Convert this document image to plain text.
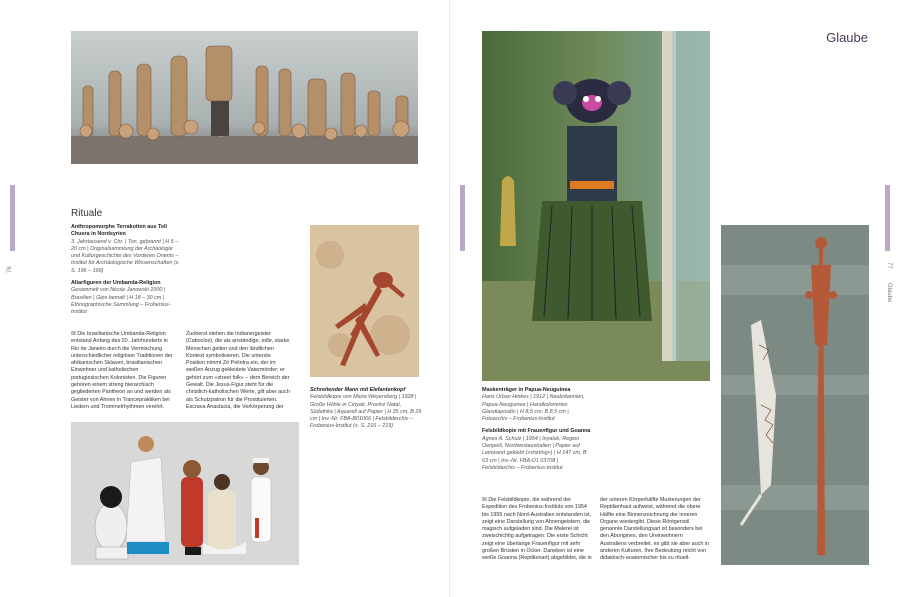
76
Rituale
Anthropomorphe Terrakotten aus Tell Chuera in Nordsyrien
3. Jahrtausend v. Chr. | Ton, gebrannt | H 5 – 20 cm | Originalsammlung der Archäologie und Kulturgeschichte des Vorderen Orients –Institut für Archäologische Wissenschaften (s. S. 196 – 199)
Altarfiguren der Umbanda-Religion
Gesammelt von Nicole Janowski 2000 | Brasilien | Gips bemalt | H 18 – 30 cm | Ethnographische Sammlung – Frobenius-Institut
☒ Die brasilianische Umbanda-Religion entstand Anfang des 20. Jahrhunderts in Rio de Janeiro durch die Vermischung unterschiedlicher religiöser Traditionen der afrikanischen Sklaven, brasilianischen Einwohner und katholischen portugiesischen Kolonisten. Die Figuren gehören einem streng hierarchisch gegliederten Pantheon an und werden als Geister von Ahnen in Trancepraktiken bei Liedern und Trommelrhythmen verehrt. Zuoberst stehen die Indianergeister (Caboclos), die als anständige, edle, starke Menschen gelten und den ländlichen Kontext symbolisieren. Die unterste Position nimmt Zé Pelintra ein, der im weißen Anzug gekleidete Vatermörder; er gehört zum »street folk« – dem Bereich der Gewalt. Die Jesus-Figur steht für die christlich-katholischen Werte, gilt aber auch als Schutzpatron für die Prostituierten. Escrava Anastacia, die Verkörperung der
Schreitender Mann mit Elefantenkopf
Felsbildkopie von Maria Weyersberg | 1928 | Große Höhle in Cinyati, Provinz Natal, Südafrika | Aquarell auf Papier | H 35 cm, B 29 cm | Inv.-Nr. FBA-B01066 | Felsbilderchiv – Frobenius-Institut (s. S. 216 – 219)
Glaube
77
Glaube
Maskenträger in Papua-Neuguinea
Hans Urban Hinkes | 1912 | Neubritannien, Papua-Neuguinea | Handkoloriertes Glasdiapositiv | H 8,5 cm, B 8,5 cm | Fotoarchiv – Frobenius-Institut
Felsbildkopie mit Frauenfigur und Goanna
Agnes A. Schulz | 1954 | Inyaluk, Region Oenpelli, Nordwestaustralien | Papier auf Leinwand geklebt (»shirting«) | H 147 cm, B 63 cm | Inv.-Nr. FBA-D1 03708 | Felsbildarchiv – Frobenius-Institut
☒ Die Felsbildkopie, die während der Expedition des Frobenius-Instituts von 1954 bis 1955 nach Nord-Australien entstanden ist, zeigt eine Darstellung von Ahnengeistern, die magisch aufgeladen sind. Die Malerei ist zweischichtig aufgetragen: Die erste Schicht zeigt eine überlange Frauenfigur mit sehr großen Brüsten in Ocker. Daneben ist eine weiße Goanna (Reptilienart) abgebildet, die in der unteren Körperhälfte Musterungen der Reptilienhaut aufweist, während die obere Hälfte eine Binnenzeichnung der inneren Organe wiedergibt. Diese Röntgenstil genannte Darstellungsart ist besonders bei den Aborigines, den Ureinwohnern Australiens verbreitet, es gibt sie aber auch in anderen Kulturen. Ihre Bedeutung reicht von didaktisch-anatomischer bis zu rituell-
